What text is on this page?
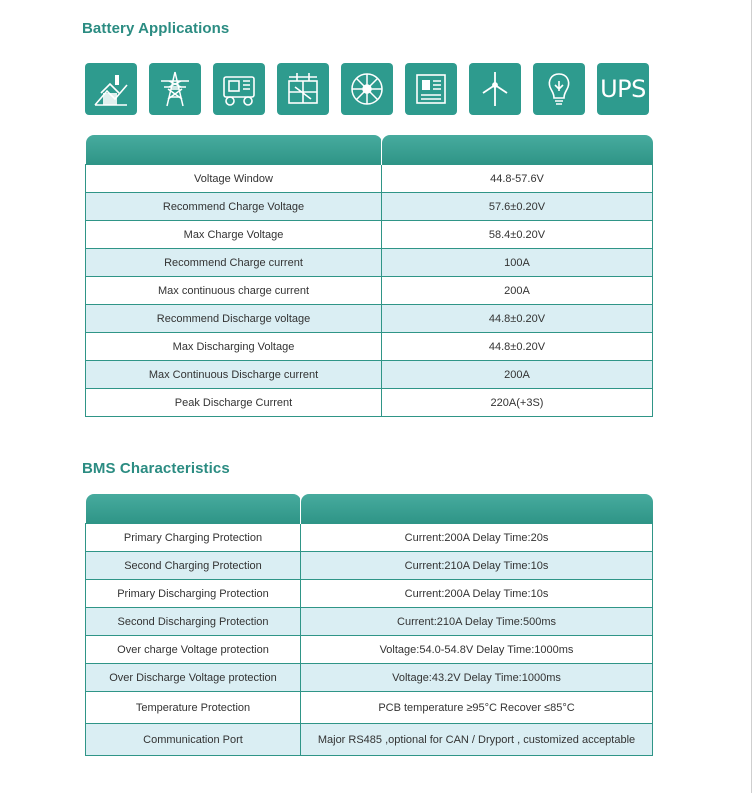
Battery Applications
UPS

Voltage Window	44.8-57.6V
Recommend Charge Voltage	57.6±0.20V
Max Charge Voltage	58.4±0.20V
Recommend Charge current	100A
Max continuous charge current	200A
Recommend Discharge voltage	44.8±0.20V
Max Discharging Voltage	44.8±0.20V
Max Continuous Discharge current	200A
Peak Discharge Current	220A(+3S)
BMS Characteristics

Primary Charging Protection	Current:200A Delay Time:20s
Second Charging Protection	Current:210A Delay Time:10s
Primary Discharging Protection	Current:200A Delay Time:10s
Second Discharging Protection	Current:210A Delay Time:500ms
Over charge Voltage protection	Voltage:54.0-54.8V Delay Time:1000ms
Over Discharge Voltage protection	Voltage:43.2V Delay Time:1000ms
Temperature Protection	PCB temperature ≥95°C Recover ≤85°C
Communication Port	Major RS485 ,optional for CAN / Dryport , customized acceptable
